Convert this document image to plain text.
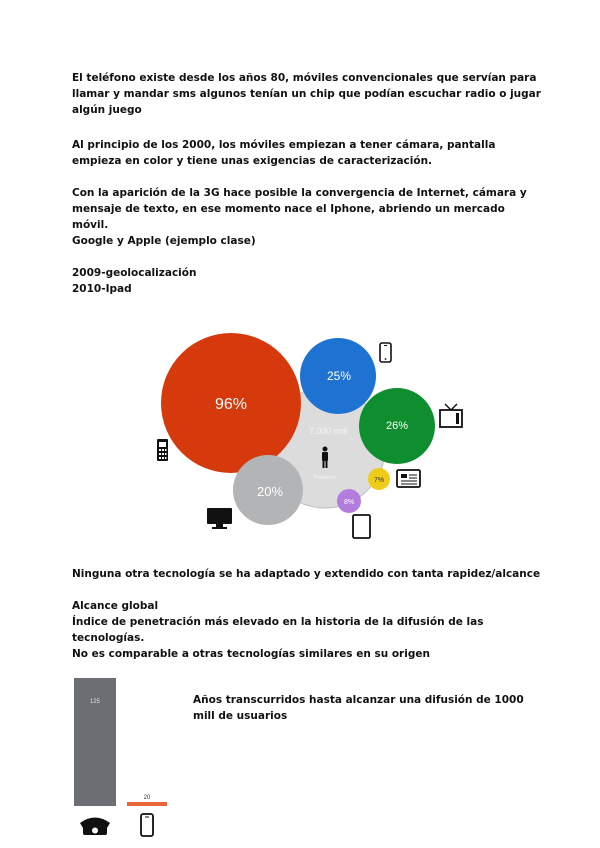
El teléfono existe desde los años 80, móviles convencionales que servían para llamar y mandar sms algunos tenían un chip que podían escuchar radio o jugar algún juego

Al principio de los 2000, los móviles empiezan a tener cámara, pantalla empieza en color y tiene unas exigencias de caracterización.

Con la aparición de la 3G hace posible la convergencia de Internet, cámara y mensaje de texto, en ese momento nace el Iphone, abriendo un mercado móvil.

Google y Apple (ejemplo clase)

2009-geolocalización

2010-Ipad

Ninguna otra tecnología se ha adaptado y extendido con tanta rapidez/alcance

Alcance global

Índice de penetración más elevado en la historia de la difusión de las tecnologías.

No es comparable a otras tecnologías similares en su origen

Años transcurridos hasta alcanzar una difusión de 1000 mill de usuarios

96%
25%
26%
20%
7%
8%
7.000 mill
Población
125
20
